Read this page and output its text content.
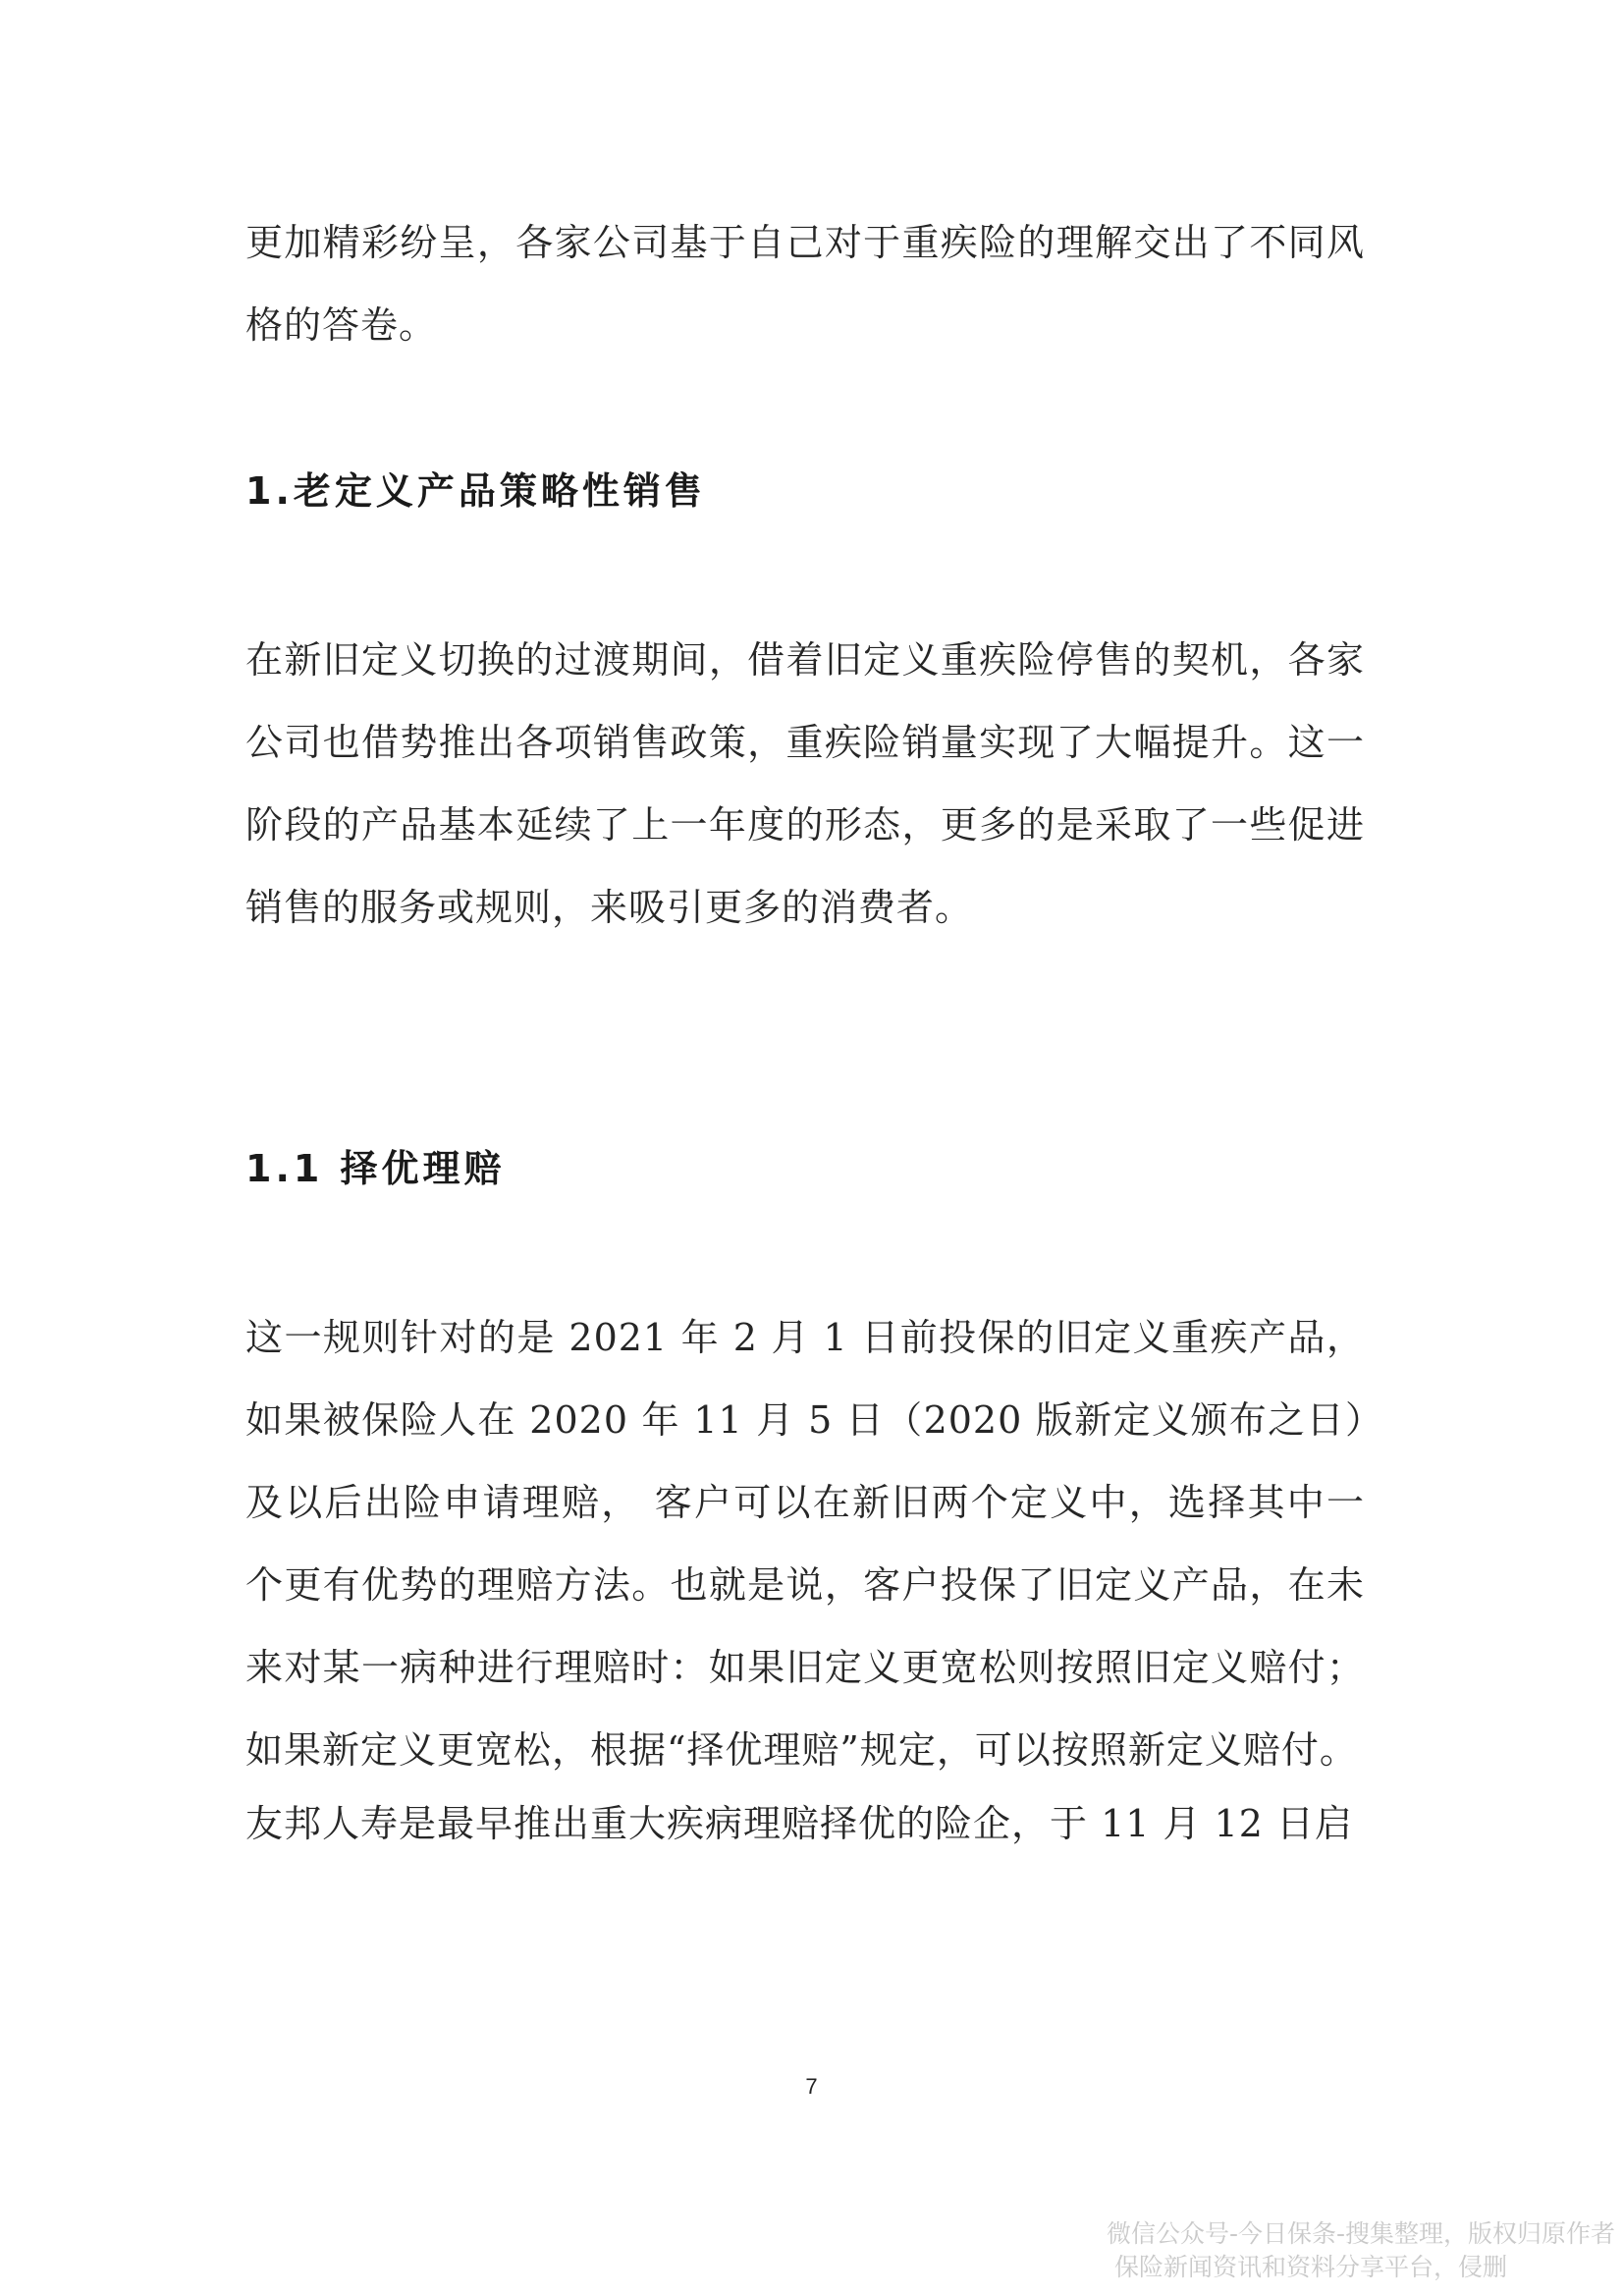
更加精彩纷呈，各家公司基于自己对于重疾险的理解交出了不同风格的答卷。

1.老定义产品策略性销售

在新旧定义切换的过渡期间，借着旧定义重疾险停售的契机，各家公司也借势推出各项销售政策，重疾险销量实现了大幅提升。这一阶段的产品基本延续了上一年度的形态，更多的是采取了一些促进销售的服务或规则，来吸引更多的消费者。

1.1 择优理赔

这一规则针对的是 2021 年 2 月 1 日前投保的旧定义重疾产品，如果被保险人在 2020 年 11 月 5 日（2020 版新定义颁布之日）及以后出险申请理赔， 客户可以在新旧两个定义中，选择其中一个更有优势的理赔方法。也就是说，客户投保了旧定义产品，在未来对某一病种进行理赔时：如果旧定义更宽松则按照旧定义赔付；如果新定义更宽松，根据“择优理赔”规定，可以按照新定义赔付。

友邦人寿是最早推出重大疾病理赔择优的险企，于 11 月 12 日启

7
微信公众号-今日保条-搜集整理，版权归原作者
保险新闻资讯和资料分享平台，侵删
